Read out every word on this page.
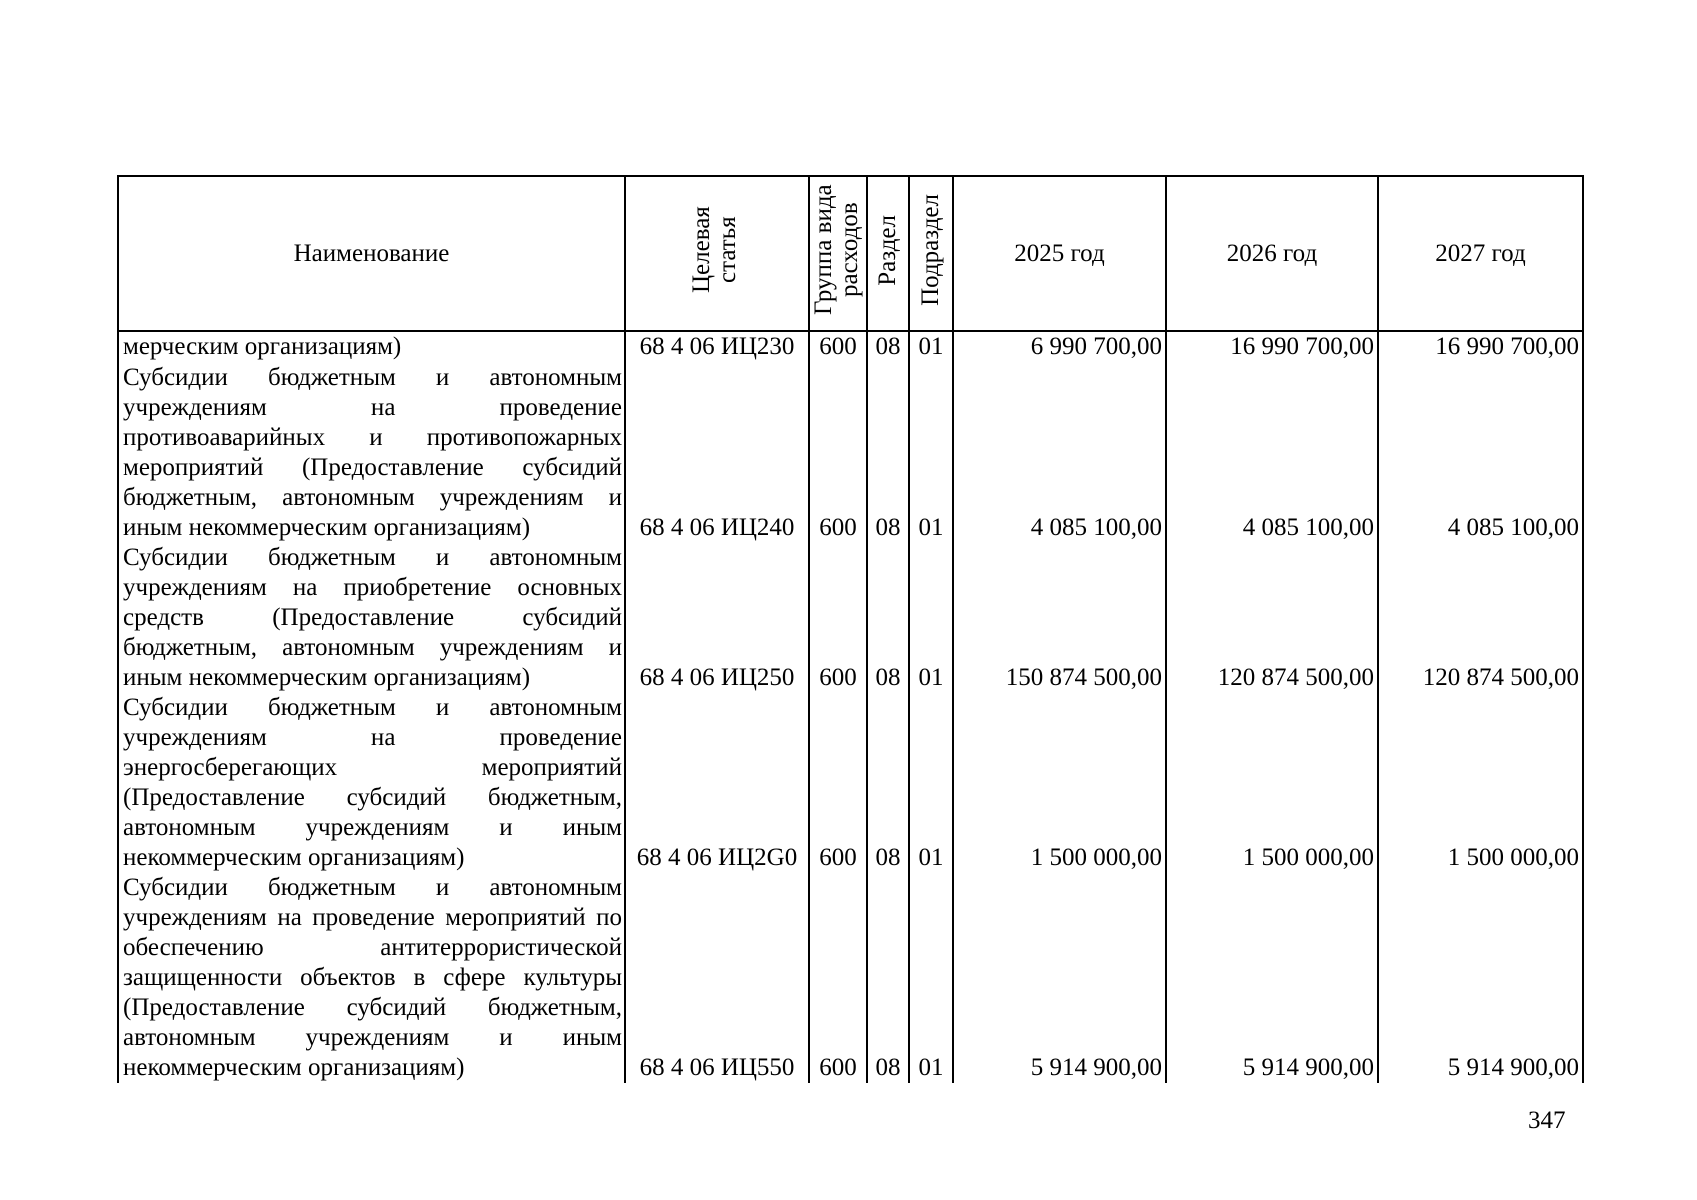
Наименование	Целевая статья	Группа вида расходов	Раздел	Подраздел	2025 год	2026 год	2027 год
мерческим организациям)	68 4 06 ИЦ230	600	08	01	6 990 700,00	16 990 700,00	16 990 700,00
Субсидии бюджетным и автономным учреждениям на проведение противоаварийных и противопожарных мероприятий (Предоставление субсидий бюджетным, автономным учреждениям и иным некоммерческим организациям)	68 4 06 ИЦ240	600	08	01	4 085 100,00	4 085 100,00	4 085 100,00
Субсидии бюджетным и автономным учреждениям на приобретение основных средств (Предоставление субсидий бюджетным, автономным учреждениям и иным некоммерческим организациям)	68 4 06 ИЦ250	600	08	01	150 874 500,00	120 874 500,00	120 874 500,00
Субсидии бюджетным и автономным учреждениям на проведение энергосберегающих мероприятий (Предоставление субсидий бюджетным, автономным учреждениям и иным некоммерческим организациям)	68 4 06 ИЦ2G0	600	08	01	1 500 000,00	1 500 000,00	1 500 000,00
Субсидии бюджетным и автономным учреждениям на проведение мероприятий по обеспечению антитеррористической защищенности объектов в сфере культуры (Предоставление субсидий бюджетным, автономным учреждениям и иным некоммерческим организациям)	68 4 06 ИЦ550	600	08	01	5 914 900,00	5 914 900,00	5 914 900,00
347
